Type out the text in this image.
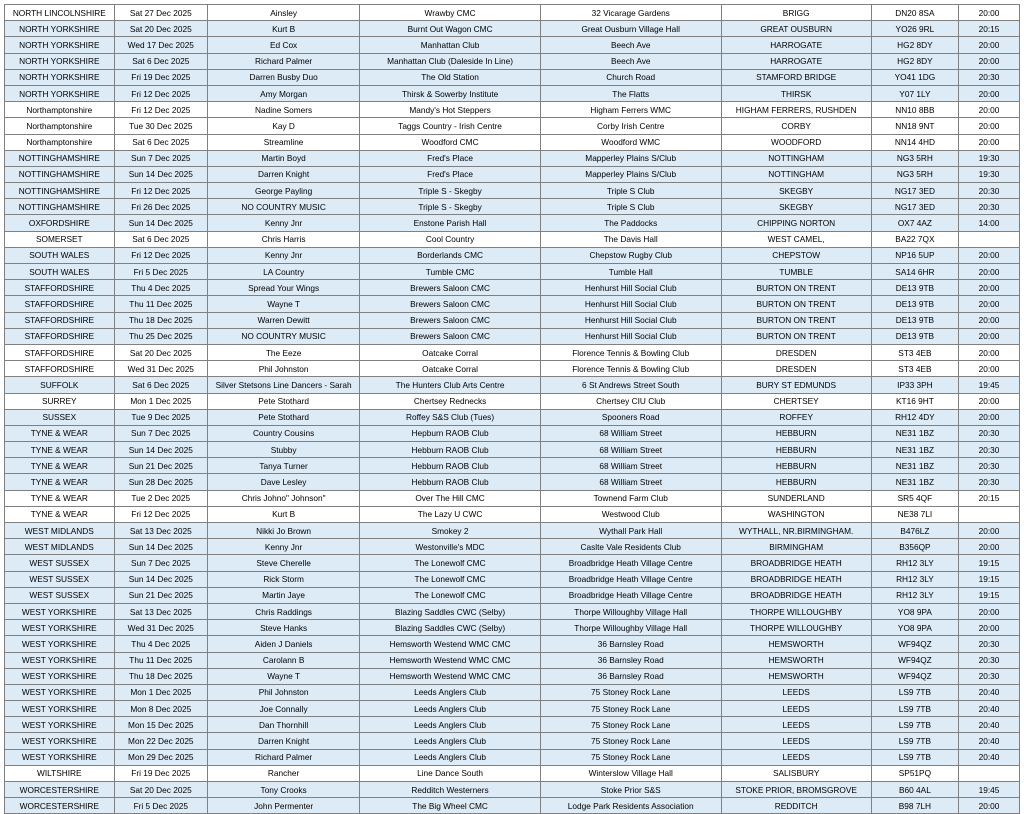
NORTH LINCOLNSHIRE	Sat 27 Dec 2025	Ainsley	Wrawby CMC	32 Vicarage Gardens	BRIGG	DN20 8SA	20:00
NORTH YORKSHIRE	Sat 20 Dec 2025	Kurt B	Burnt Out Wagon CMC	Great Ousburn Village Hall	GREAT OUSBURN	YO26 9RL	20:15
NORTH YORKSHIRE	Wed 17 Dec 2025	Ed Cox	Manhattan Club	Beech Ave	HARROGATE	HG2 8DY	20:00
NORTH YORKSHIRE	Sat 6 Dec 2025	Richard Palmer	Manhattan Club (Daleside In Line)	Beech Ave	HARROGATE	HG2 8DY	20:00
NORTH YORKSHIRE	Fri 19 Dec 2025	Darren Busby Duo	The Old Station	Church Road	STAMFORD BRIDGE	YO41 1DG	20:30
NORTH YORKSHIRE	Fri 12 Dec 2025	Amy Morgan	Thirsk & Sowerby Institute	The Flatts	THIRSK	Y07 1LY	20:00
Northamptonshire	Fri 12 Dec 2025	Nadine Somers	Mandy's Hot Steppers	Higham Ferrers WMC	HIGHAM FERRERS, RUSHDEN	NN10 8BB	20:00
Northamptonshire	Tue 30 Dec 2025	Kay D	Taggs Country - Irish Centre	Corby Irish Centre	CORBY	NN18 9NT	20:00
Northamptonshire	Sat 6 Dec 2025	Streamline	Woodford CMC	Woodford WMC	WOODFORD	NN14 4HD	20:00
NOTTINGHAMSHIRE	Sun 7 Dec 2025	Martin Boyd	Fred's Place	Mapperley Plains S/Club	NOTTINGHAM	NG3 5RH	19:30
NOTTINGHAMSHIRE	Sun 14 Dec 2025	Darren Knight	Fred's Place	Mapperley Plains S/Club	NOTTINGHAM	NG3 5RH	19:30
NOTTINGHAMSHIRE	Fri 12 Dec 2025	George Payling	Triple S - Skegby	Triple S Club	SKEGBY	NG17 3ED	20:30
NOTTINGHAMSHIRE	Fri 26 Dec 2025	NO COUNTRY MUSIC	Triple S - Skegby	Triple S Club	SKEGBY	NG17 3ED	20:30
OXFORDSHIRE	Sun 14 Dec 2025	Kenny Jnr	Enstone Parish Hall	The Paddocks	CHIPPING NORTON	OX7 4AZ	14:00
SOMERSET	Sat 6 Dec 2025	Chris Harris	Cool Country	The Davis Hall	WEST CAMEL,	BA22 7QX	
SOUTH WALES	Fri 12 Dec 2025	Kenny Jnr	Borderlands CMC	Chepstow Rugby Club	CHEPSTOW	NP16 5UP	20:00
SOUTH WALES	Fri 5 Dec 2025	LA Country	Tumble CMC	Tumble Hall	TUMBLE	SA14 6HR	20:00
STAFFORDSHIRE	Thu 4 Dec 2025	Spread Your Wings	Brewers Saloon CMC	Henhurst Hill Social Club	BURTON ON TRENT	DE13 9TB	20:00
STAFFORDSHIRE	Thu 11 Dec 2025	Wayne T	Brewers Saloon CMC	Henhurst Hill Social Club	BURTON ON TRENT	DE13 9TB	20:00
STAFFORDSHIRE	Thu 18 Dec 2025	Warren Dewitt	Brewers Saloon CMC	Henhurst Hill Social Club	BURTON ON TRENT	DE13 9TB	20:00
STAFFORDSHIRE	Thu 25 Dec 2025	NO COUNTRY MUSIC	Brewers Saloon CMC	Henhurst Hill Social Club	BURTON ON TRENT	DE13 9TB	20:00
STAFFORDSHIRE	Sat 20 Dec 2025	The Eeze	Oatcake Corral	Florence Tennis & Bowling Club	DRESDEN	ST3 4EB	20:00
STAFFORDSHIRE	Wed 31 Dec 2025	Phil Johnston	Oatcake Corral	Florence Tennis & Bowling Club	DRESDEN	ST3 4EB	20:00
SUFFOLK	Sat 6 Dec 2025	Silver Stetsons Line Dancers - Sarah	The Hunters Club Arts Centre	6 St Andrews Street South	BURY ST EDMUNDS	IP33 3PH	19:45
SURREY	Mon 1 Dec 2025	Pete Stothard	Chertsey Rednecks	Chertsey CIU Club	CHERTSEY	KT16 9HT	20:00
SUSSEX	Tue 9 Dec 2025	Pete Stothard	Roffey S&S Club (Tues)	Spooners Road	ROFFEY	RH12 4DY	20:00
TYNE & WEAR	Sun 7 Dec 2025	Country Cousins	Hepburn RAOB Club	68 William Street	HEBBURN	NE31 1BZ	20:30
TYNE & WEAR	Sun 14 Dec 2025	Stubby	Hebburn RAOB Club	68 William Street	HEBBURN	NE31 1BZ	20:30
TYNE & WEAR	Sun 21 Dec 2025	Tanya Turner	Hebburn RAOB Club	68 William Street	HEBBURN	NE31 1BZ	20:30
TYNE & WEAR	Sun 28 Dec 2025	Dave Lesley	Hebburn RAOB Club	68 William Street	HEBBURN	NE31 1BZ	20:30
TYNE & WEAR	Tue 2 Dec 2025	Chris Johno" Johnson"	Over The Hill CMC	Townend Farm Club	SUNDERLAND	SR5 4QF	20:15
TYNE & WEAR	Fri 12 Dec 2025	Kurt B	The Lazy U CWC	Westwood Club	WASHINGTON	NE38 7LI	
WEST MIDLANDS	Sat 13 Dec 2025	Nikki Jo Brown	Smokey 2	Wythall Park Hall	WYTHALL, NR.BIRMINGHAM.	B476LZ	20:00
WEST MIDLANDS	Sun 14 Dec 2025	Kenny Jnr	Westonville's MDC	Caslte Vale Residents Club	BIRMINGHAM	B356QP	20:00
WEST SUSSEX	Sun 7 Dec 2025	Steve Cherelle	The Lonewolf CMC	Broadbridge Heath Village Centre	BROADBRIDGE HEATH	RH12 3LY	19:15
WEST SUSSEX	Sun 14 Dec 2025	Rick Storm	The Lonewolf CMC	Broadbridge Heath Village Centre	BROADBRIDGE HEATH	RH12 3LY	19:15
WEST SUSSEX	Sun 21 Dec 2025	Martin Jaye	The Lonewolf CMC	Broadbridge Heath Village Centre	BROADBRIDGE HEATH	RH12 3LY	19:15
WEST YORKSHIRE	Sat 13 Dec 2025	Chris Raddings	Blazing Saddles CWC (Selby)	Thorpe Willoughby Village Hall	THORPE WILLOUGHBY	YO8 9PA	20:00
WEST YORKSHIRE	Wed 31 Dec 2025	Steve Hanks	Blazing Saddles CWC (Selby)	Thorpe Willoughby Village Hall	THORPE WILLOUGHBY	YO8 9PA	20:00
WEST YORKSHIRE	Thu 4 Dec 2025	Aiden J Daniels	Hemsworth Westend WMC CMC	36 Barnsley Road	HEMSWORTH	WF94QZ	20:30
WEST YORKSHIRE	Thu 11 Dec 2025	Carolann B	Hemsworth Westend WMC CMC	36 Barnsley Road	HEMSWORTH	WF94QZ	20:30
WEST YORKSHIRE	Thu 18 Dec 2025	Wayne T	Hemsworth Westend WMC CMC	36 Barnsley Road	HEMSWORTH	WF94QZ	20:30
WEST YORKSHIRE	Mon 1 Dec 2025	Phil Johnston	Leeds Anglers Club	75 Stoney Rock Lane	LEEDS	LS9 7TB	20:40
WEST YORKSHIRE	Mon 8 Dec 2025	Joe Connally	Leeds Anglers Club	75 Stoney Rock Lane	LEEDS	LS9 7TB	20:40
WEST YORKSHIRE	Mon 15 Dec 2025	Dan Thornhill	Leeds Anglers Club	75 Stoney Rock Lane	LEEDS	LS9 7TB	20:40
WEST YORKSHIRE	Mon 22 Dec 2025	Darren Knight	Leeds Anglers Club	75 Stoney Rock Lane	LEEDS	LS9 7TB	20:40
WEST YORKSHIRE	Mon 29 Dec 2025	Richard Palmer	Leeds Anglers Club	75 Stoney Rock Lane	LEEDS	LS9 7TB	20:40
WILTSHIRE	Fri 19 Dec 2025	Rancher	Line Dance South	Winterslow Village Hall	SALISBURY	SP51PQ	
WORCESTERSHIRE	Sat 20 Dec 2025	Tony Crooks	Redditch Westerners	Stoke Prior S&S	STOKE PRIOR, BROMSGROVE	B60 4AL	19:45
WORCESTERSHIRE	Fri 5 Dec 2025	John Permenter	The Big Wheel CMC	Lodge Park Residents Association	REDDITCH	B98 7LH	20:00
